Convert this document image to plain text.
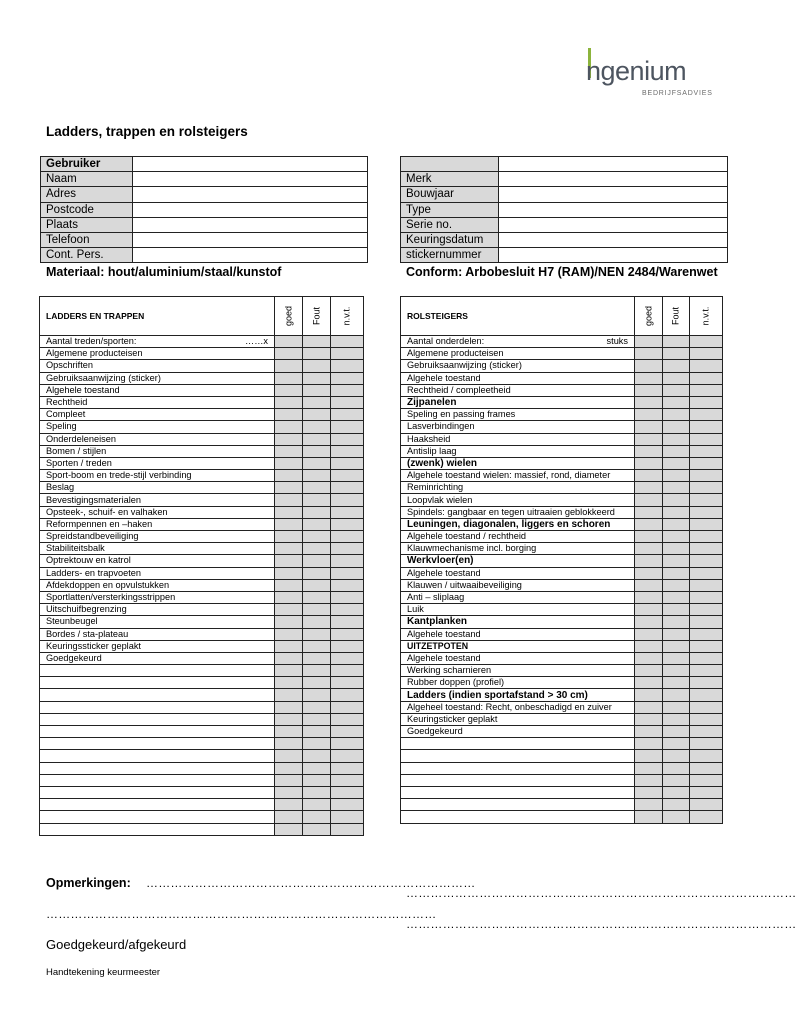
ngenium
BEDRIJFSADVIES
Ladders, trappen en rolsteigers
Gebruiker	
Naam	
Adres	
Postcode	
Plaats	
Telefoon	
Cont. Pers.	

Merk	
Bouwjaar	
Type	
Serie no.	
Keuringsdatum	
stickernummer	
Materiaal: hout/aluminium/staal/kunstof	Conform: Arbobesluit H7 (RAM)/NEN 2484/Warenwet
LADDERS EN TRAPPEN	goed	Fout	n.v.t.

Aantal treden/sporten: ……x			

Algemene producteisen			
Opschriften			
Gebruiksaanwijzing (sticker)			
Algehele toestand			
Rechtheid			
Compleet			
Speling			
Onderdeleneisen			
Bomen / stijlen			
Sporten / treden			
Sport-boom en trede-stijl verbinding			
Beslag			
Bevestigingsmaterialen			
Opsteek-, schuif- en valhaken			
Reformpennen en –haken			
Spreidstandbeveiliging			
Stabiliteitsbalk			
Optrektouw en katrol			
Ladders- en trapvoeten			
Afdekdoppen en opvulstukken			
Sportlatten/versterkingsstrippen			
Uitschuifbegrenzing			
Steunbeugel			
Bordes / sta-plateau			
Keuringssticker geplakt			
Goedgekeurd			

ROLSTEIGERS	goed	Fout	n.v.t.

Aantal onderdelen: stuks			

Algemene producteisen			
Gebruiksaanwijzing (sticker)			
Algehele toestand			
Rechtheid / compleetheid			
Zijpanelen			
Speling en passing frames			
Lasverbindingen			
Haaksheid			
Antislip laag			
(zwenk) wielen			
Algehele toestand wielen: massief, rond, diameter			
Reminrichting			
Loopvlak wielen			
Spindels: gangbaar en tegen uitraaien geblokkeerd			
Leuningen, diagonalen, liggers en schoren			
Algehele toestand / rechtheid			
Klauwmechanisme incl. borging			
Werkvloer(en)			
Algehele toestand			
Klauwen / uitwaaibeveiliging			
Anti – sliplaag			
Luik			
Kantplanken			
Algehele toestand			
UITZETPOTEN			
Algehele toestand			
Werking scharnieren			
Rubber doppen (profiel)			
Ladders (indien sportafstand > 30 cm)			
Algeheel toestand: Recht, onbeschadigd en zuiver			
Keuringsticker geplakt			
Goedgekeurd			

Opmerkingen: ………………………………………………………………………
……………………………………………………………………………………
……………………………………………………………………………………
……………………………………………………………………………………
Goedgekeurd/afgekeurd
Handtekening keurmeester
